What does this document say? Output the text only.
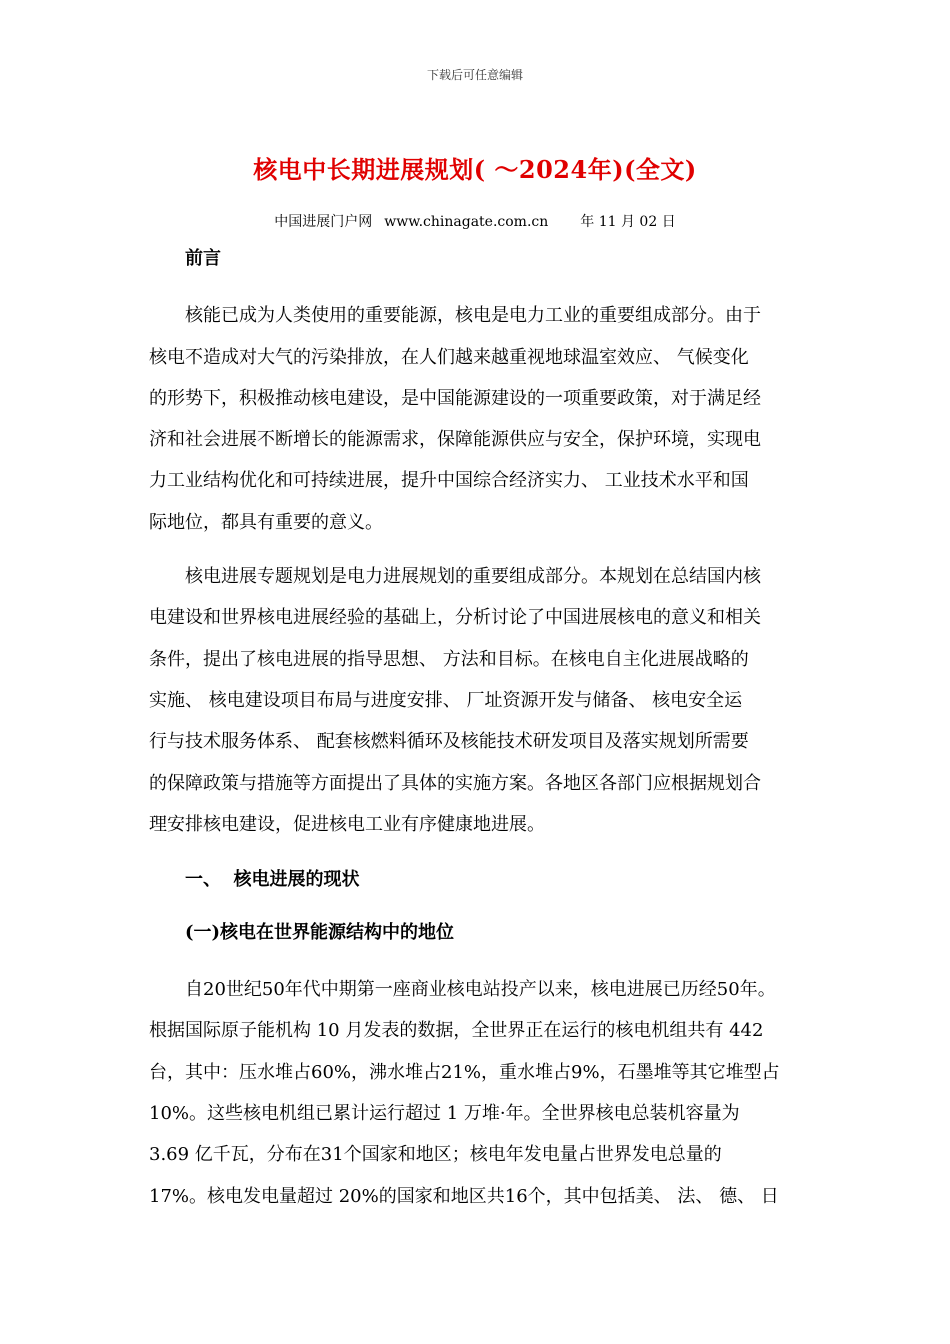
下载后可任意编辑
核电中长期进展规划( ～2024年)(全文)
中国进展门户网 www.chinagate.com.cn 年 11 月 02 日
前言
核能已成为人类使用的重要能源，核电是电力工业的重要组成部分。由于
核电不造成对大气的污染排放，在人们越来越重视地球温室效应、 气候变化
的形势下，积极推动核电建设，是中国能源建设的一项重要政策，对于满足经
济和社会进展不断增长的能源需求，保障能源供应与安全，保护环境，实现电
力工业结构优化和可持续进展，提升中国综合经济实力、 工业技术水平和国
际地位，都具有重要的意义。
核电进展专题规划是电力进展规划的重要组成部分。本规划在总结国内核
电建设和世界核电进展经验的基础上，分析讨论了中国进展核电的意义和相关
条件，提出了核电进展的指导思想、 方法和目标。在核电自主化进展战略的
实施、 核电建设项目布局与进度安排、 厂址资源开发与储备、 核电安全运
行与技术服务体系、 配套核燃料循环及核能技术研发项目及落实规划所需要
的保障政策与措施等方面提出了具体的实施方案。各地区各部门应根据规划合
理安排核电建设，促进核电工业有序健康地进展。
一、  核电进展的现状
(一)核电在世界能源结构中的地位
自20世纪50年代中期第一座商业核电站投产以来，核电进展已历经50年。
根据国际原子能机构 10 月发表的数据，全世界正在运行的核电机组共有 442
台，其中：压水堆占60%，沸水堆占21%，重水堆占9%，石墨堆等其它堆型占
10%。这些核电机组已累计运行超过 1 万堆·年。全世界核电总装机容量为
3.69 亿千瓦，分布在31个国家和地区；核电年发电量占世界发电总量的
17%。核电发电量超过 20%的国家和地区共16个，其中包括美、 法、 德、 日
